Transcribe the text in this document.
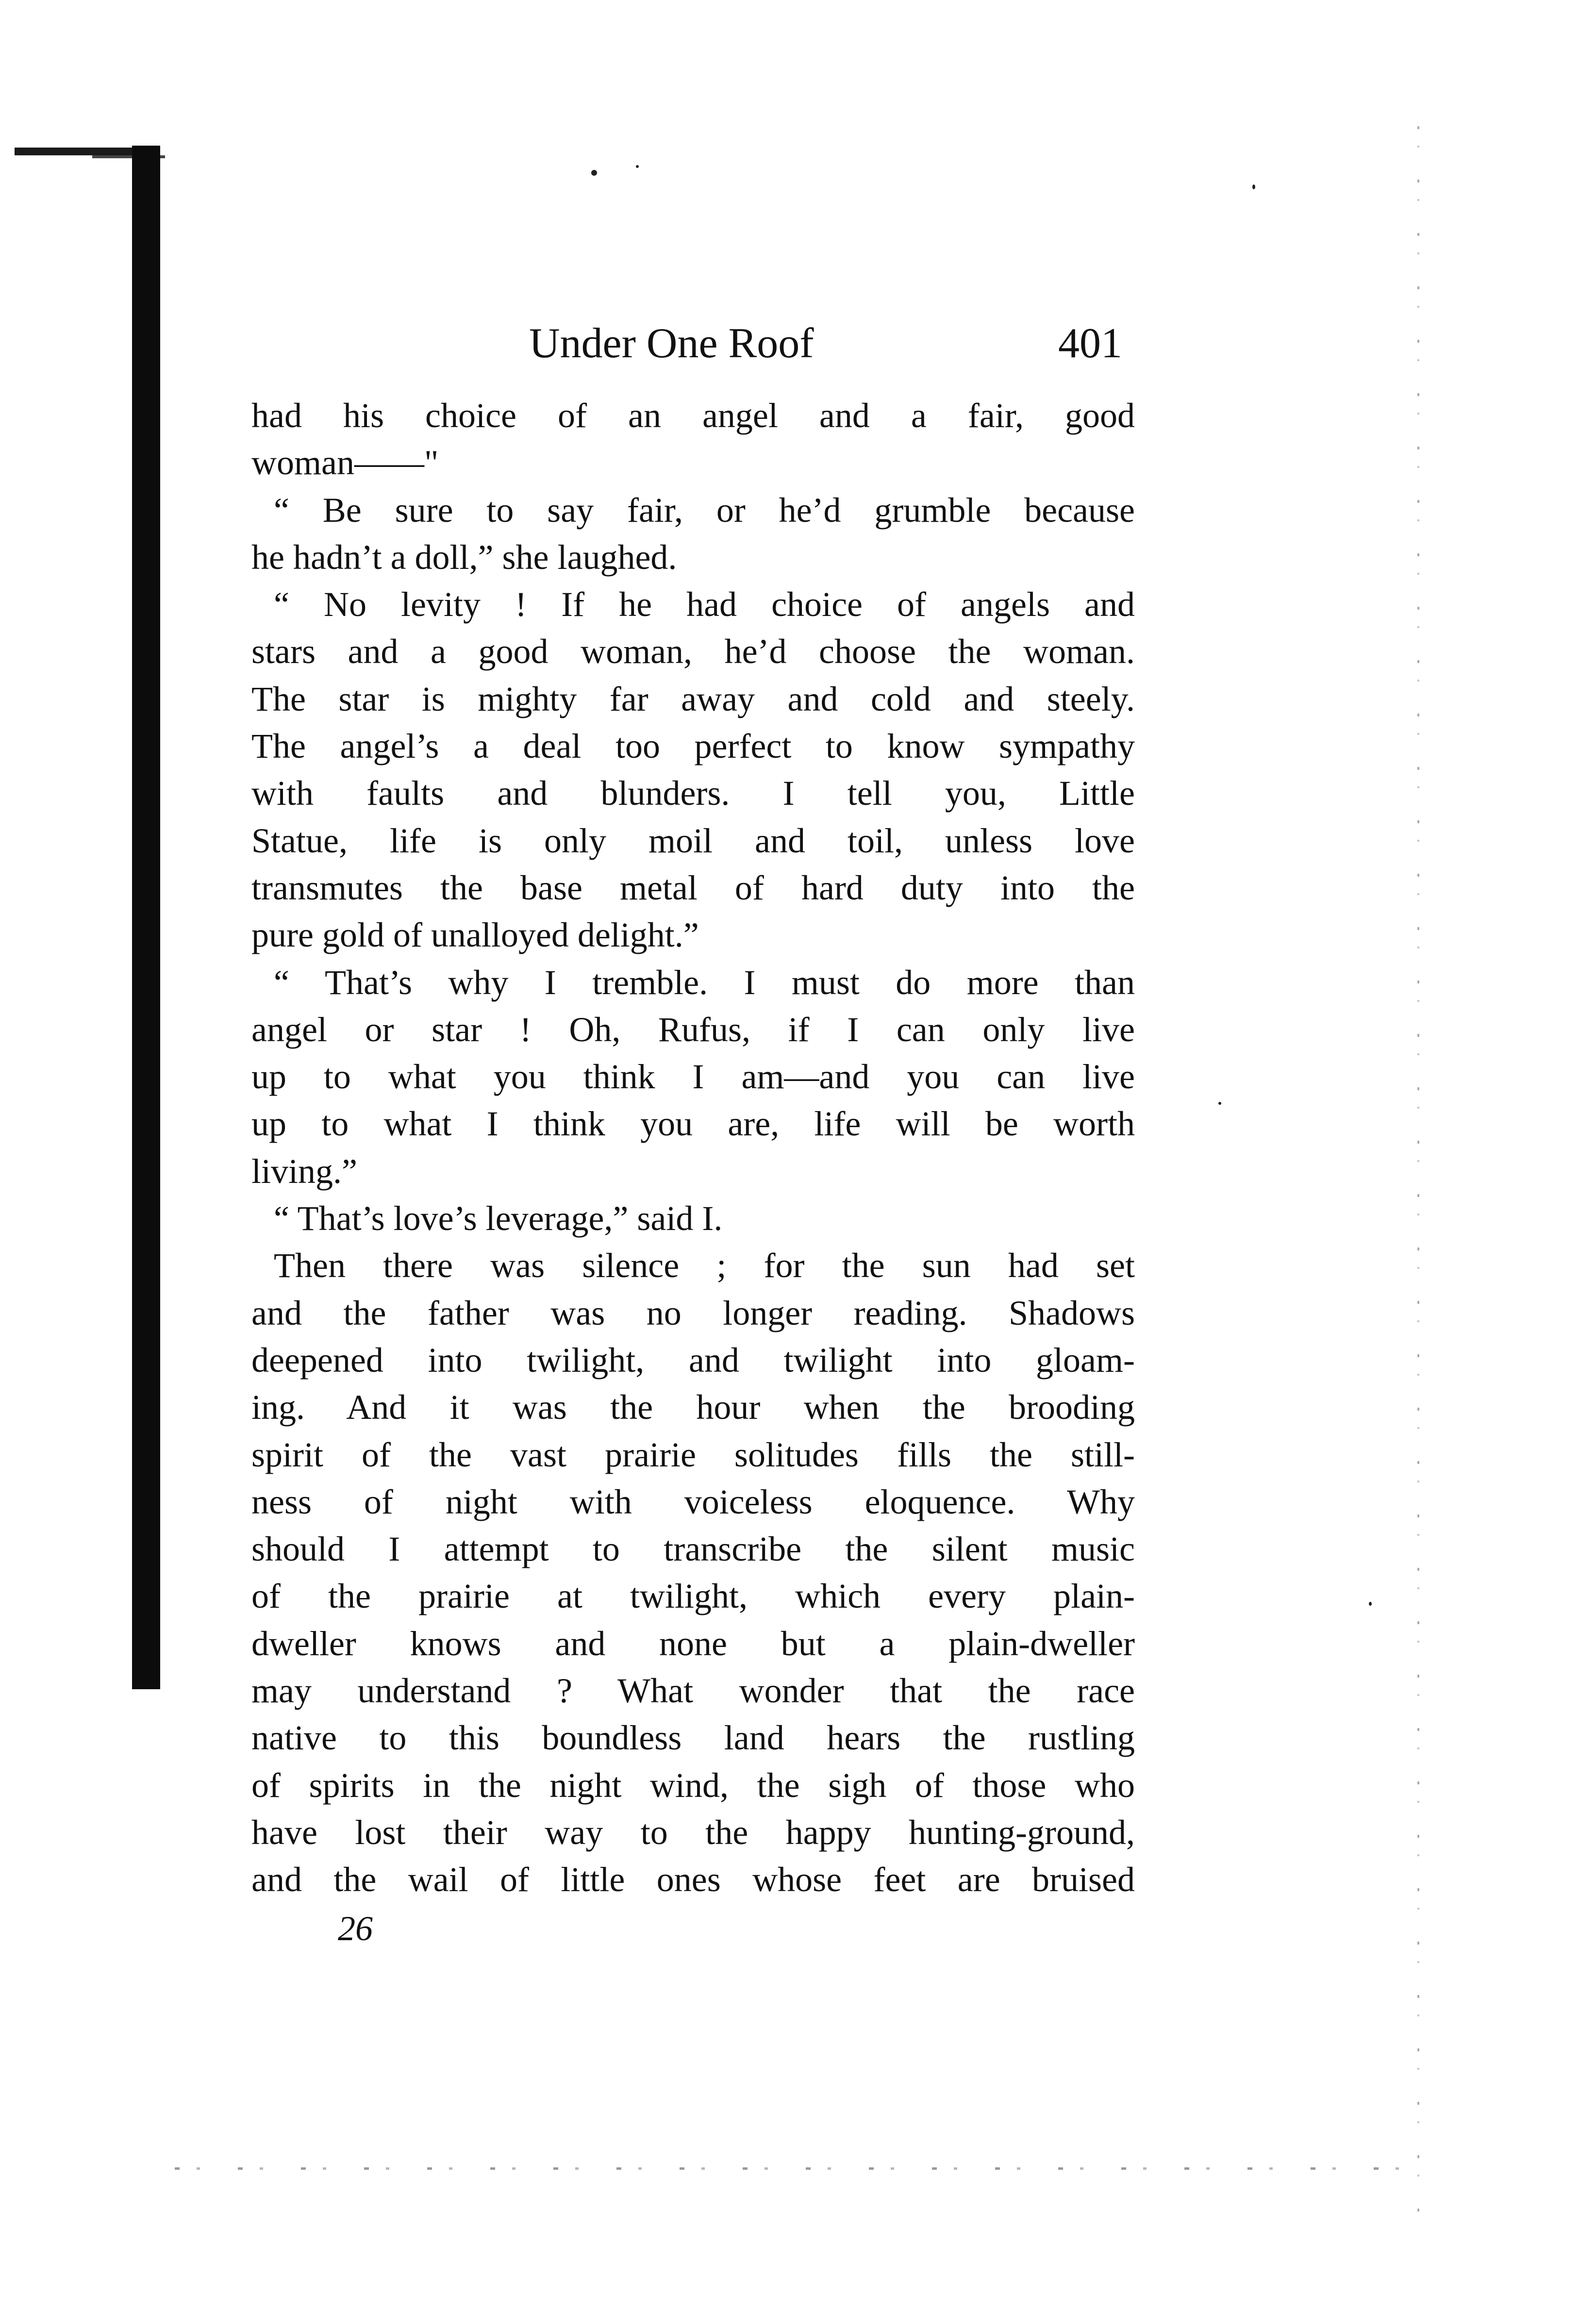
Under One Roof	401
had his choice of an angel and a fair, good
woman——"
“ Be sure to say fair, or he’d grumble because
he hadn’t a doll,” she laughed.
“ No levity ! If he had choice of angels and
stars and a good woman, he’d choose the woman.
The star is mighty far away and cold and steely.
The angel’s a deal too perfect to know sympathy
with faults and blunders. I tell you, Little
Statue, life is only moil and toil, unless love
transmutes the base metal of hard duty into the
pure gold of unalloyed delight.”
“ That’s why I tremble. I must do more than
angel or star ! Oh, Rufus, if I can only live
up to what you think I am—and you can live
up to what I think you are, life will be worth
living.”
“ That’s love’s leverage,” said I.
Then there was silence ; for the sun had set
and the father was no longer reading. Shadows
deepened into twilight, and twilight into gloam-
ing. And it was the hour when the brooding
spirit of the vast prairie solitudes fills the still-
ness of night with voiceless eloquence. Why
should I attempt to transcribe the silent music
of the prairie at twilight, which every plain-
dweller knows and none but a plain-dweller
may understand ? What wonder that the race
native to this boundless land hears the rustling
of spirits in the night wind, the sigh of those who
have lost their way to the happy hunting-ground,
and the wail of little ones whose feet are bruised
26
